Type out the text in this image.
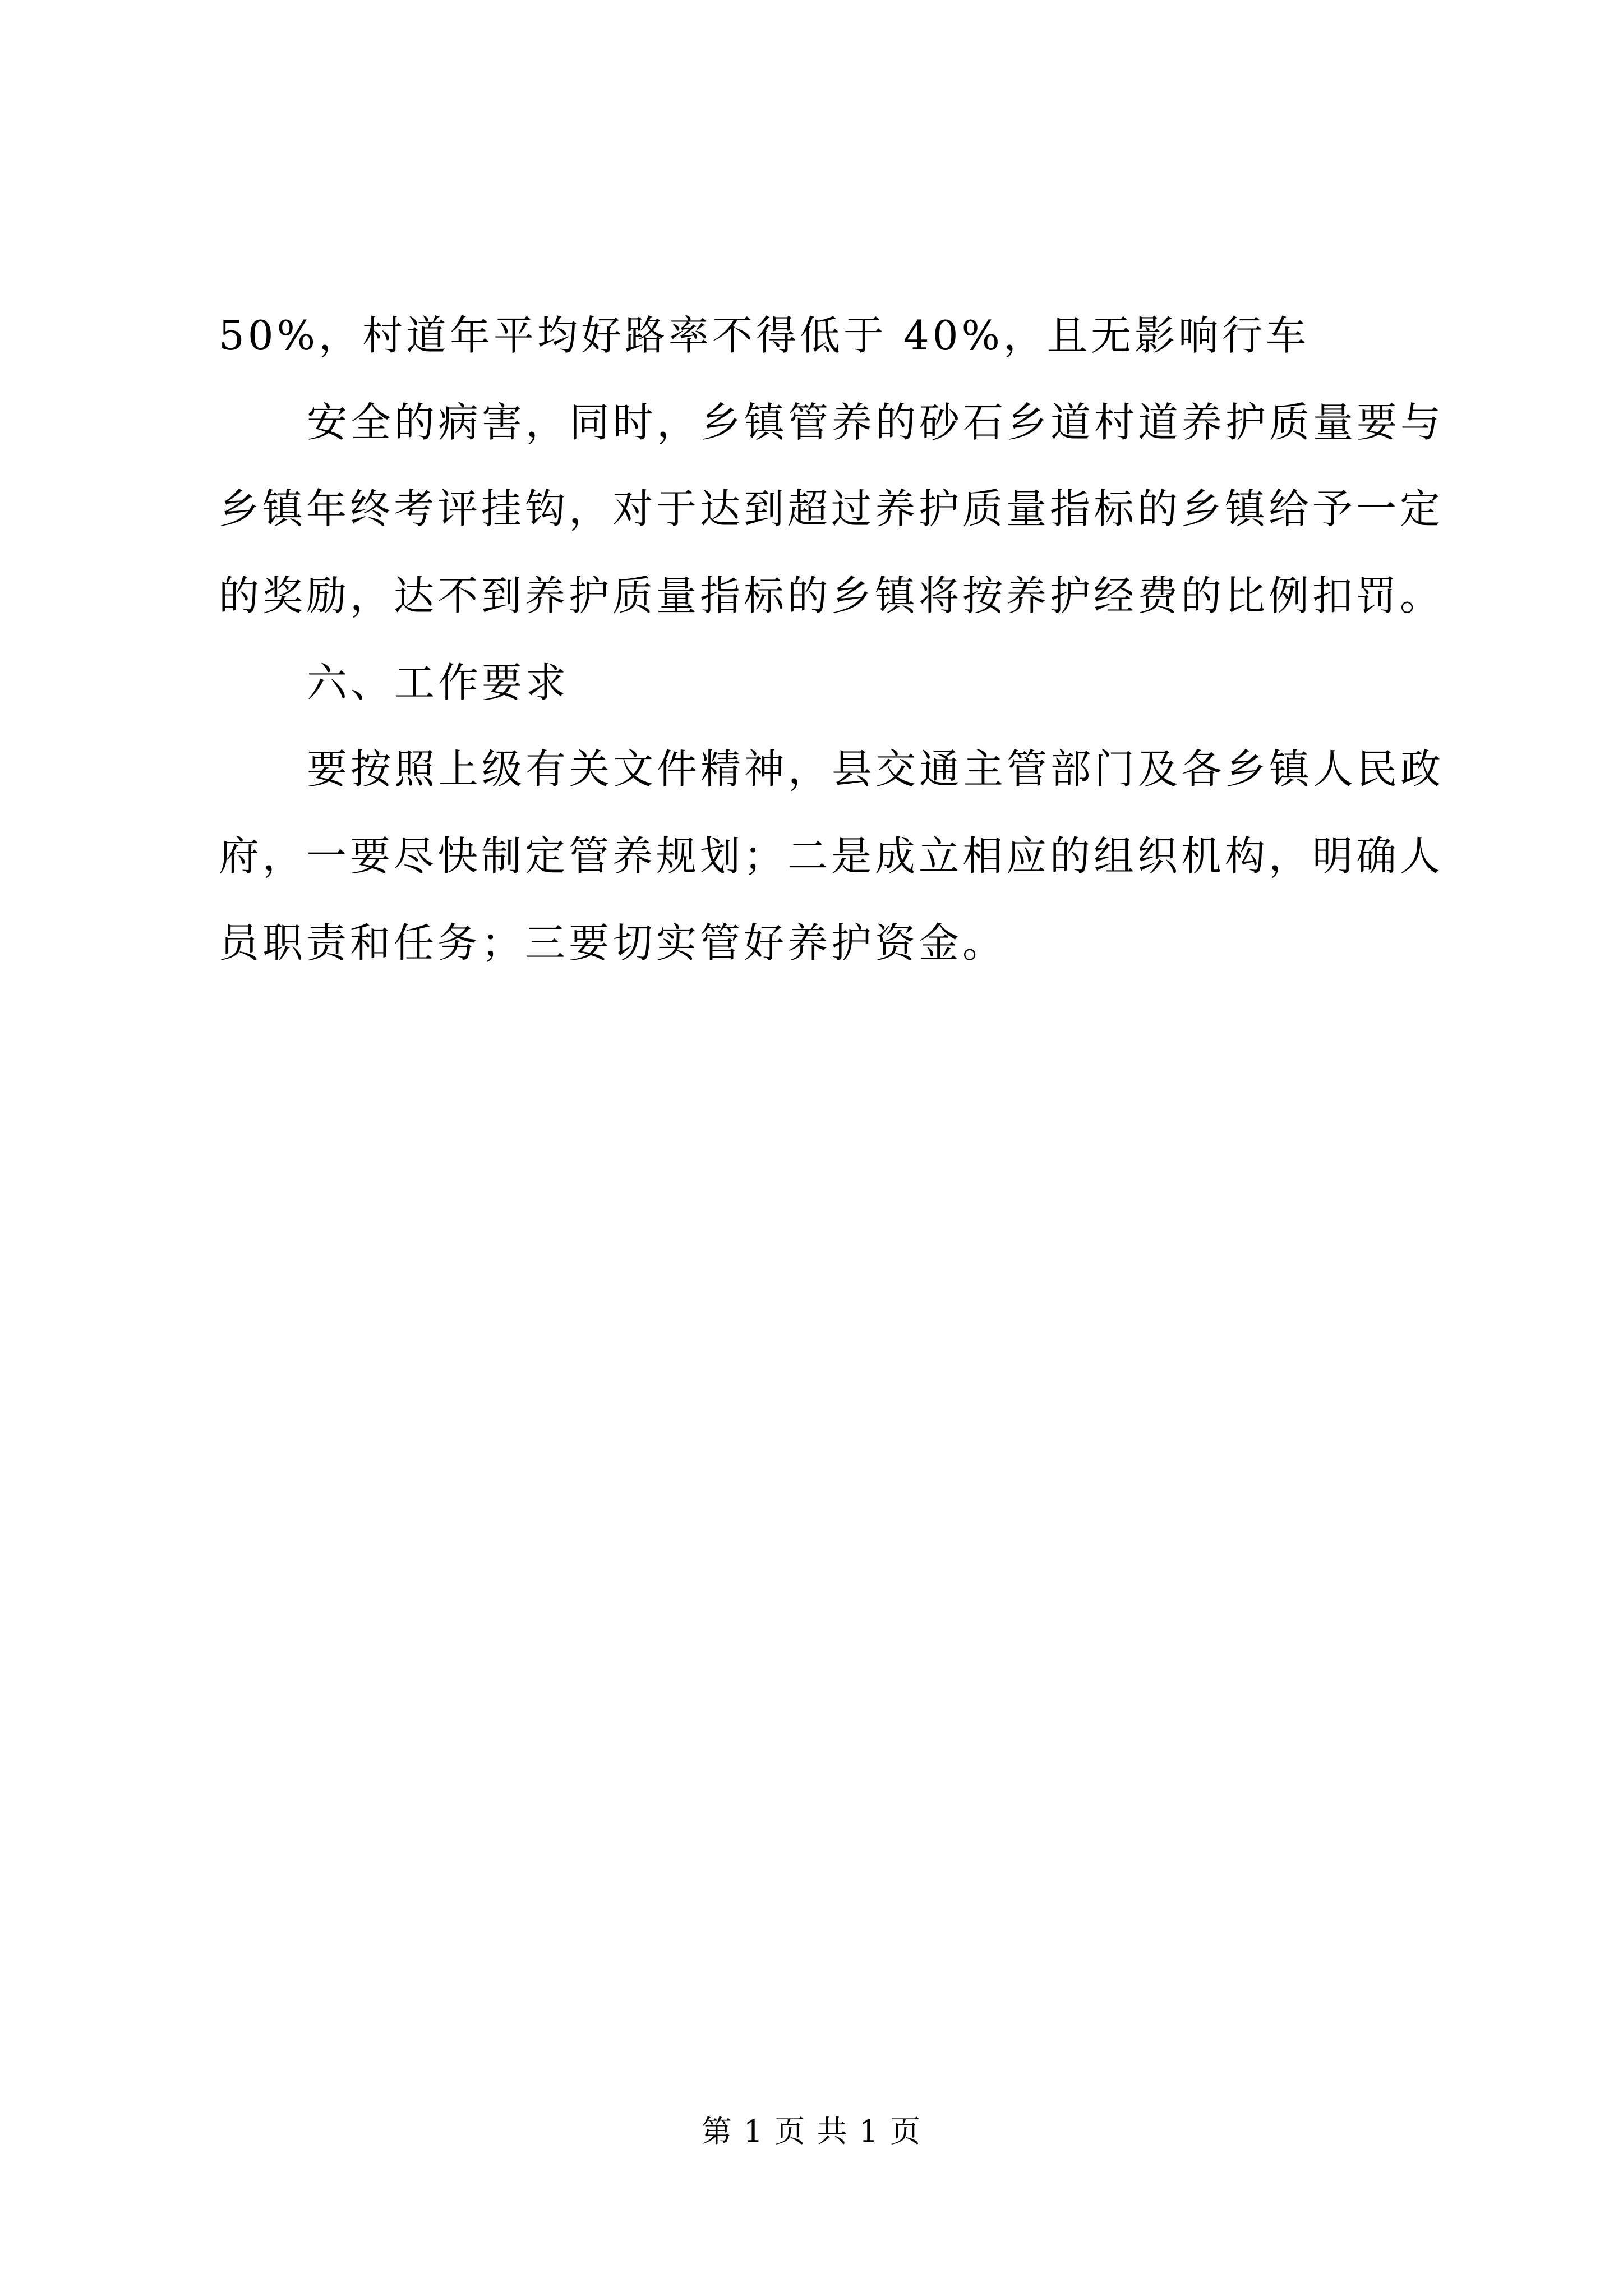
50%，村道年平均好路率不得低于 40%，且无影响行车
安全的病害，同时，乡镇管养的砂石乡道村道养护质量要与
乡镇年终考评挂钩，对于达到超过养护质量指标的乡镇给予一定
的奖励，达不到养护质量指标的乡镇将按养护经费的比例扣罚。
六、工作要求
要按照上级有关文件精神，县交通主管部门及各乡镇人民政
府，一要尽快制定管养规划；二是成立相应的组织机构，明确人
员职责和任务；三要切实管好养护资金。
第 1 页 共 1 页
